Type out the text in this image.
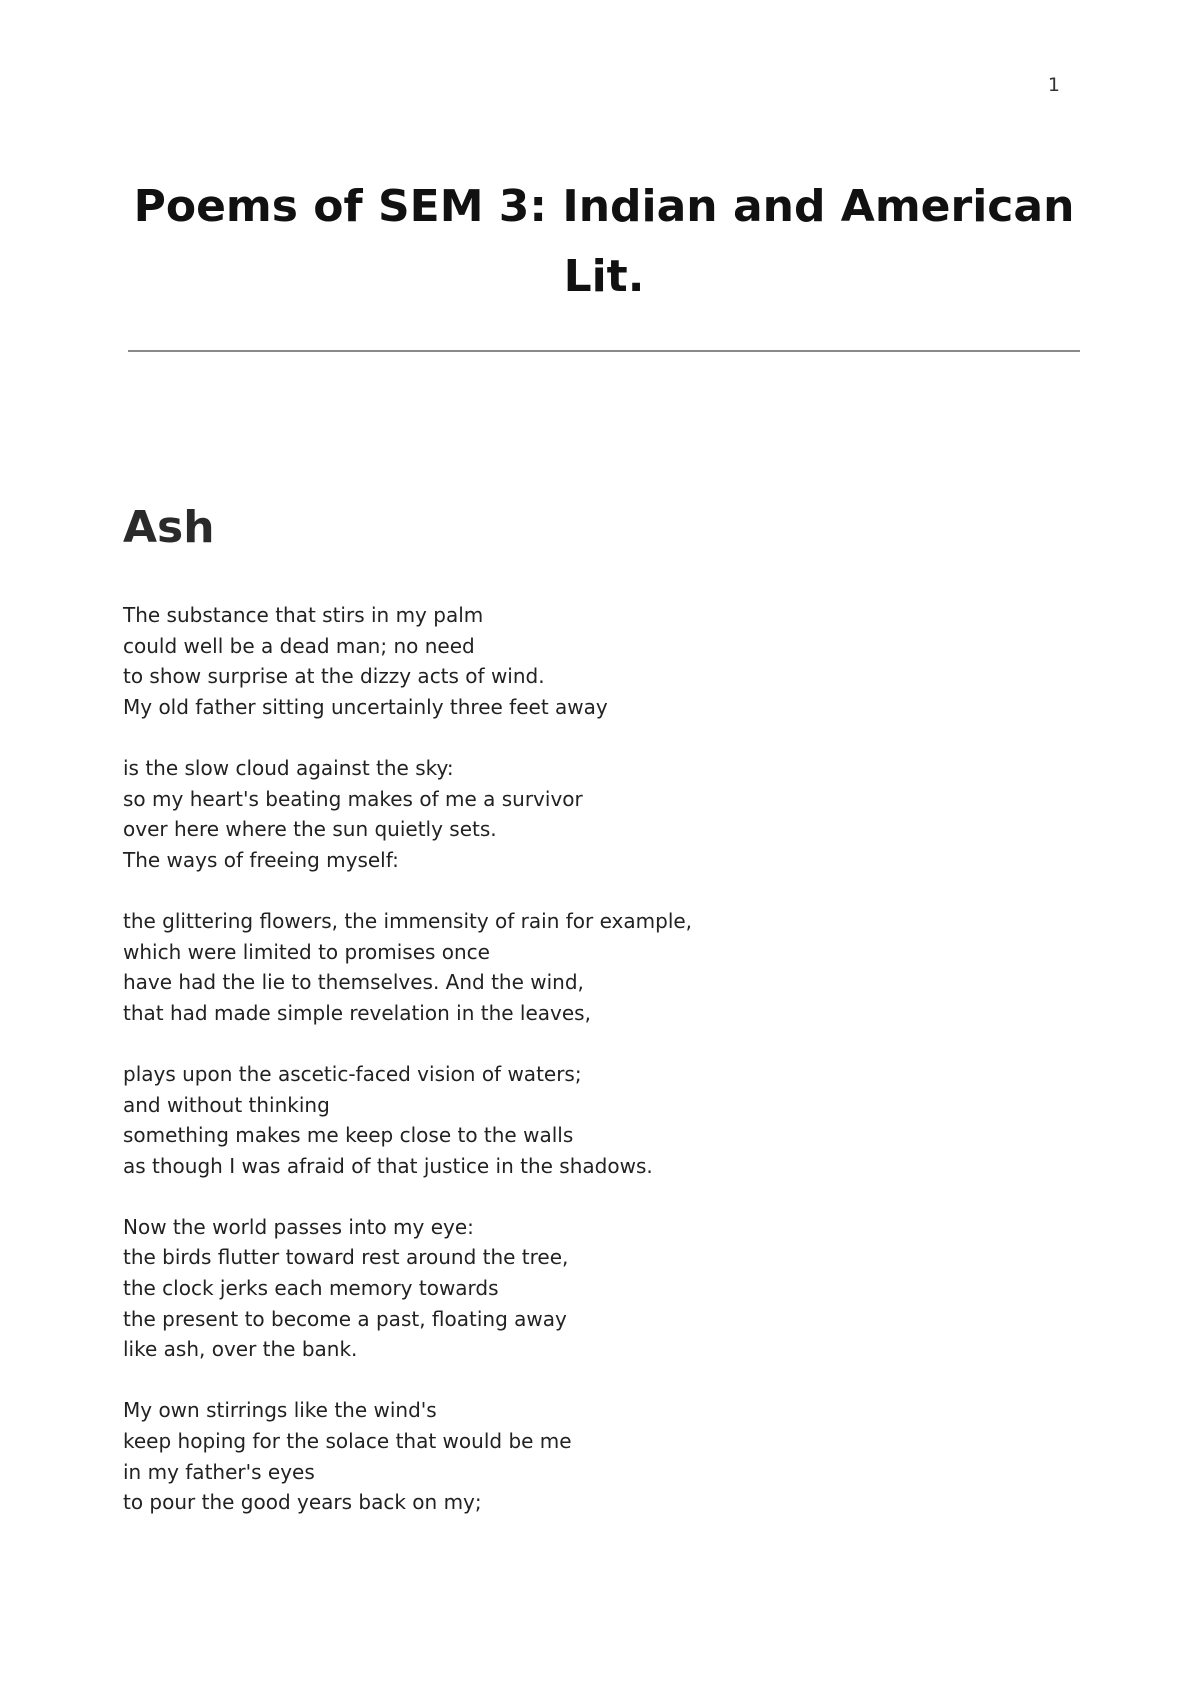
1
Poems of SEM 3: Indian and American Lit.
Ash
The substance that stirs in my palm
could well be a dead man; no need
to show surprise at the dizzy acts of wind.
My old father sitting uncertainly three feet away
is the slow cloud against the sky:
so my heart's beating makes of me a survivor
over here where the sun quietly sets.
The ways of freeing myself:
the glittering flowers, the immensity of rain for example,
which were limited to promises once
have had the lie to themselves. And the wind,
that had made simple revelation in the leaves,
plays upon the ascetic-faced vision of waters;
and without thinking
something makes me keep close to the walls
as though I was afraid of that justice in the shadows.
Now the world passes into my eye:
the birds flutter toward rest around the tree,
the clock jerks each memory towards
the present to become a past, floating away
like ash, over the bank.
My own stirrings like the wind's
keep hoping for the solace that would be me
in my father's eyes
to pour the good years back on my;
